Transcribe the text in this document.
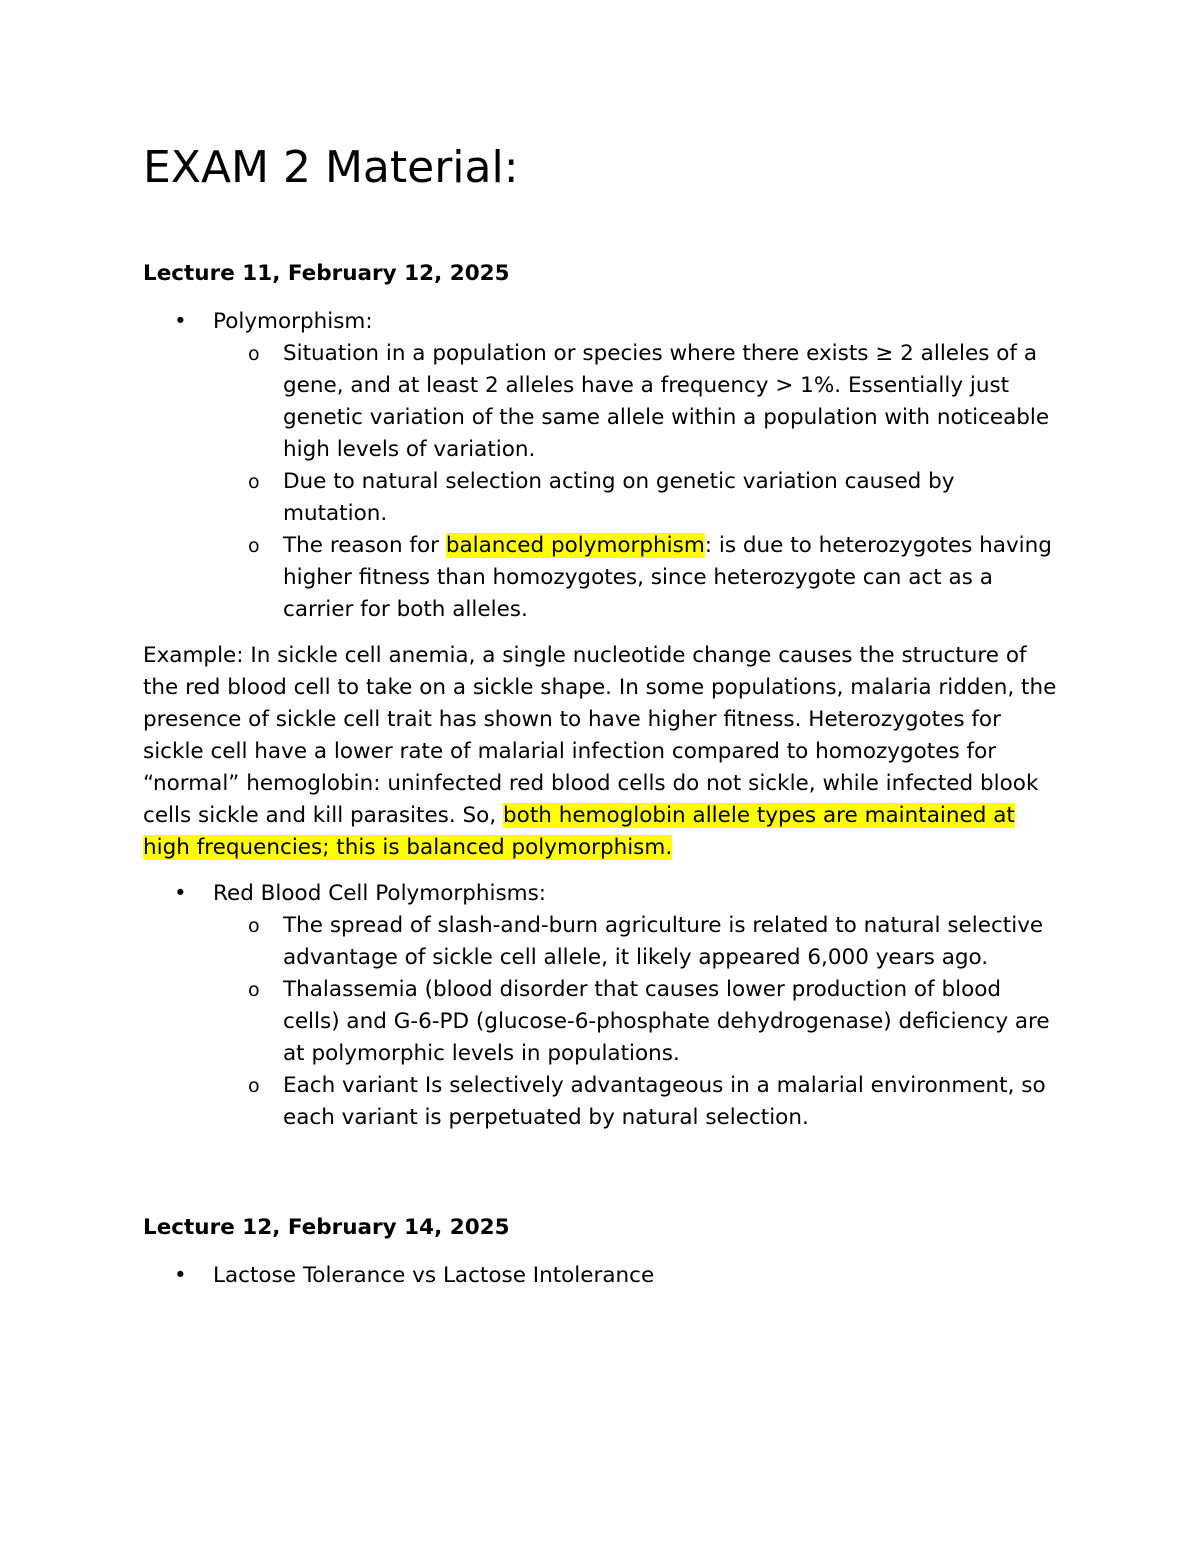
EXAM 2 Material:
Lecture 11, February 12, 2025
• Polymorphism:
o Situation in a population or species where there exists ≥ 2 alleles of a gene, and at least 2 alleles have a frequency > 1%. Essentially just genetic variation of the same allele within a population with noticeable high levels of variation.
o Due to natural selection acting on genetic variation caused by mutation.
o The reason for balanced polymorphism: is due to heterozygotes having higher fitness than homozygotes, since heterozygote can act as a carrier for both alleles.

Example: In sickle cell anemia, a single nucleotide change causes the structure of the red blood cell to take on a sickle shape. In some populations, malaria ridden, the presence of sickle cell trait has shown to have higher fitness. Heterozygotes for sickle cell have a lower rate of malarial infection compared to homozygotes for “normal” hemoglobin: uninfected red blood cells do not sickle, while infected blook cells sickle and kill parasites. So, both hemoglobin allele types are maintained at high frequencies; this is balanced polymorphism.

• Red Blood Cell Polymorphisms:
o The spread of slash-and-burn agriculture is related to natural selective advantage of sickle cell allele, it likely appeared 6,000 years ago.
o Thalassemia (blood disorder that causes lower production of blood cells) and G-6-PD (glucose-6-phosphate dehydrogenase) deficiency are at polymorphic levels in populations.
o Each variant Is selectively advantageous in a malarial environment, so each variant is perpetuated by natural selection.
Lecture 12, February 14, 2025
• Lactose Tolerance vs Lactose Intolerance
